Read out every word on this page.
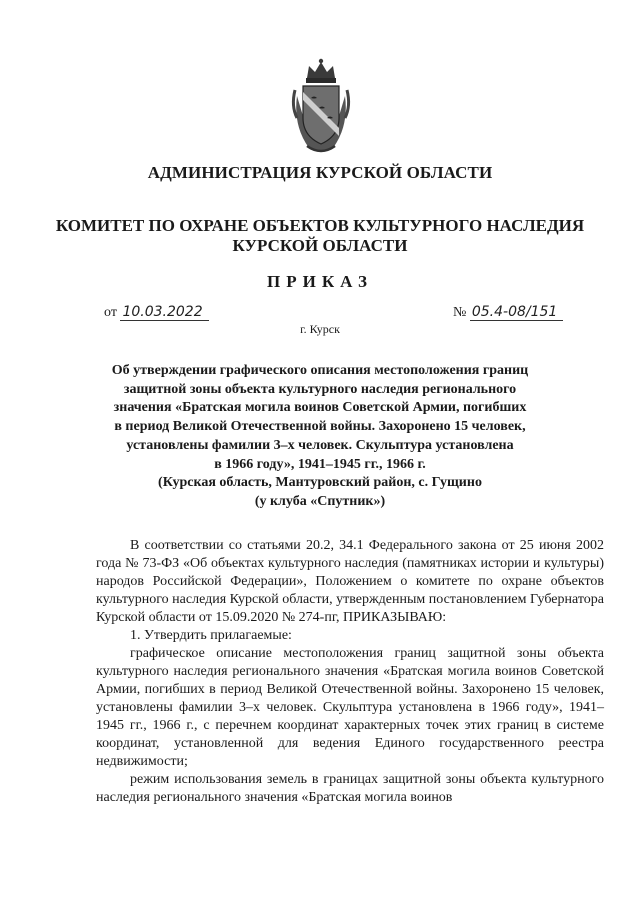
АДМИНИСТРАЦИЯ КУРСКОЙ ОБЛАСТИ
КОМИТЕТ ПО ОХРАНЕ ОБЪЕКТОВ КУЛЬТУРНОГО НАСЛЕДИЯ
КУРСКОЙ ОБЛАСТИ
ПРИКАЗ
от 10.03.2022	№ 05.4-08/151
г. Курск
Об утверждении графического описания местоположения границ
защитной зоны объекта культурного наследия регионального
значения «Братская могила воинов Советской Армии, погибших
в период Великой Отечественной войны. Захоронено 15 человек,
установлены фамилии 3–х человек. Скульптура установлена
в 1966 году», 1941–1945 гг., 1966 г.
(Курская область, Мантуровский район, с. Гущино
(у клуба «Спутник»)

В соответствии со статьями 20.2, 34.1 Федерального закона от 25 июня 2002 года № 73-ФЗ «Об объектах культурного наследия (памятниках истории и культуры) народов Российской Федерации», Положением о комитете по охране объектов культурного наследия Курской области, утвержденным постановлением Губернатора Курской области от 15.09.2020 № 274-пг, ПРИКАЗЫВАЮ:

1. Утвердить прилагаемые:

графическое описание местоположения границ защитной зоны объекта культурного наследия регионального значения «Братская могила воинов Советской Армии, погибших в период Великой Отечественной войны. Захоронено 15 человек, установлены фамилии 3–х человек. Скульптура установлена в 1966 году», 1941–1945 гг., 1966 г., с перечнем координат характерных точек этих границ в системе координат, установленной для ведения Единого государственного реестра недвижимости;

режим использования земель в границах защитной зоны объекта культурного наследия регионального значения «Братская могила воинов
